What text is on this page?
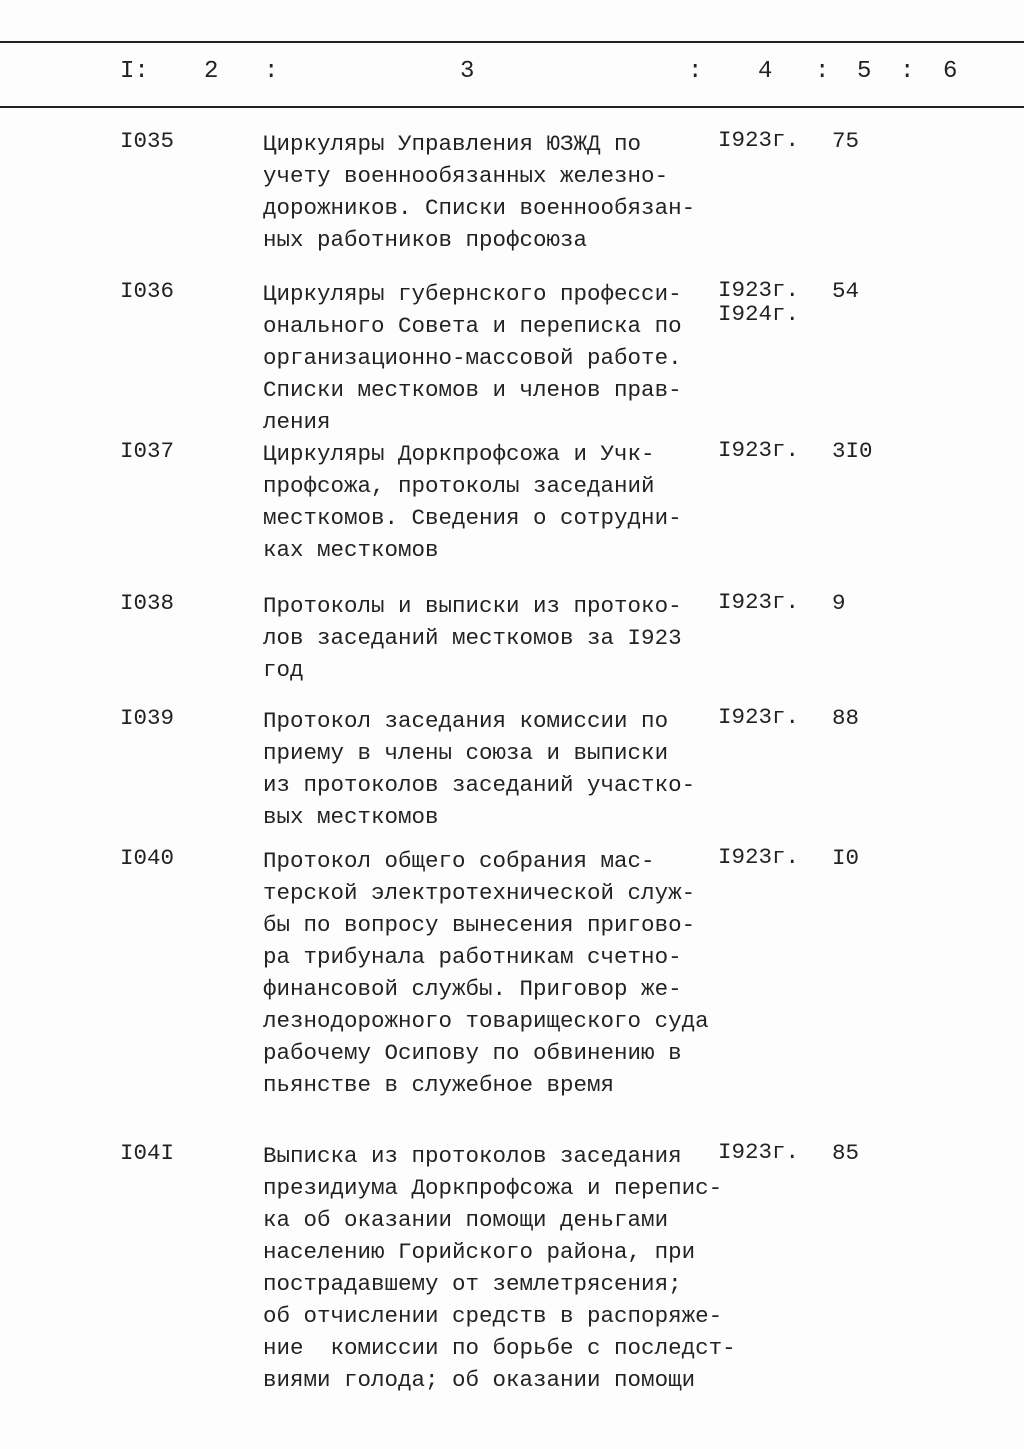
I: 2 :	3	: 4 : 5 : 6
I035	Циркуляры Управления ЮЗЖД по
учету военнообязанных железно-
дорожников. Списки военнообязан-
ных работников профсоюза
I923г. 75
I036	Циркуляры губернского професси-
онального Совета и переписка по
организационно-массовой работе.
Списки месткомов и членов прав-
ления
I923г.
I924г.
54
I037	Циркуляры Доркпрофсожа и Учк-
профсожа, протоколы заседаний
месткомов. Сведения о сотрудни-
ках месткомов
I923г. 3I0
I038	Протоколы и выписки из протоко-
лов заседаний месткомов за I923
год
I923г. 9
I039	Протокол заседания комиссии по
приему в члены союза и выписки
из протоколов заседаний участко-
вых месткомов
I923г. 88
I040	Протокол общего собрания мас-
терской электротехнической служ-
бы по вопросу вынесения пригово-
ра трибунала работникам счетно-
финансовой службы. Приговор же-
лезнодорожного товарищеского суда
рабочему Осипову по обвинению в
пьянстве в служебное время
I923г. I0
I04I	Выписка из протоколов заседания
президиума Доркпрофсожа и перепис-
ка об оказании помощи деньгами
населению Горийского района, при
пострадавшему от землетрясения;
об отчислении средств в распоряже-
ние  комиссии по борьбе с последст-
виями голода; об оказании помощи
I923г. 85
